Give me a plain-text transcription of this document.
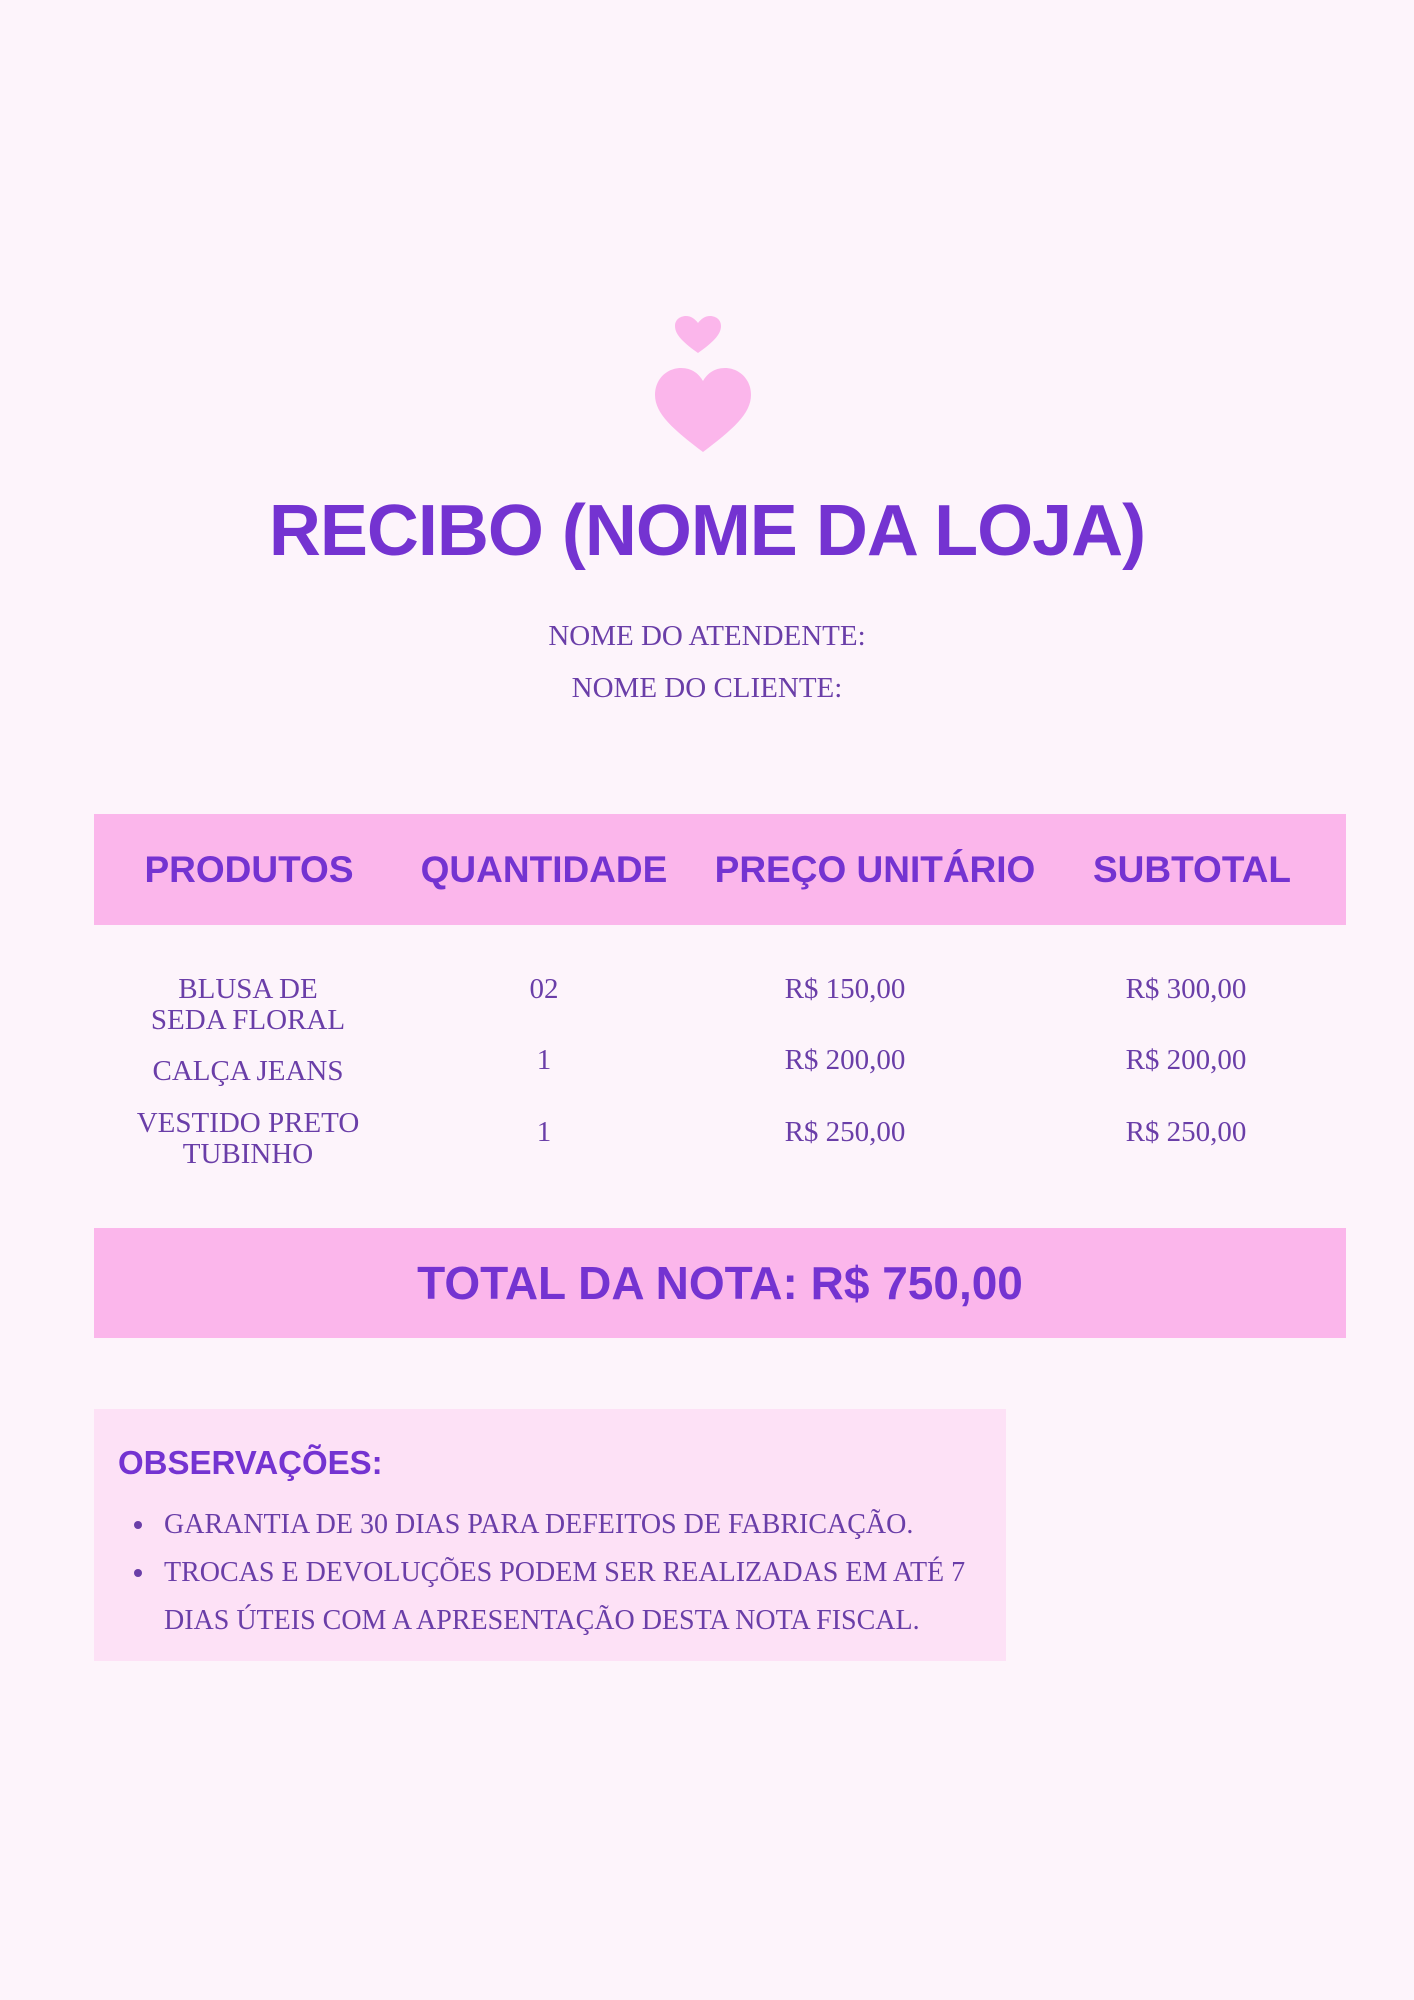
RECIBO (NOME DA LOJA)
NOME DO ATENDENTE:
NOME DO CLIENTE:
PRODUTOS	QUANTIDADE	PREÇO UNITÁRIO	SUBTOTAL
BLUSA DE
SEDA FLORAL
02	R$ 150,00	R$ 300,00
CALÇA JEANS	1	R$ 200,00	R$ 200,00
VESTIDO PRETO
TUBINHO
1	R$ 250,00	R$ 250,00
TOTAL DA NOTA: R$ 750,00
OBSERVAÇÕES:
GARANTIA DE 30 DIAS PARA DEFEITOS DE FABRICAÇÃO.
TROCAS E DEVOLUÇÕES PODEM SER REALIZADAS EM ATÉ 7 DIAS ÚTEIS COM A APRESENTAÇÃO DESTA NOTA FISCAL.
